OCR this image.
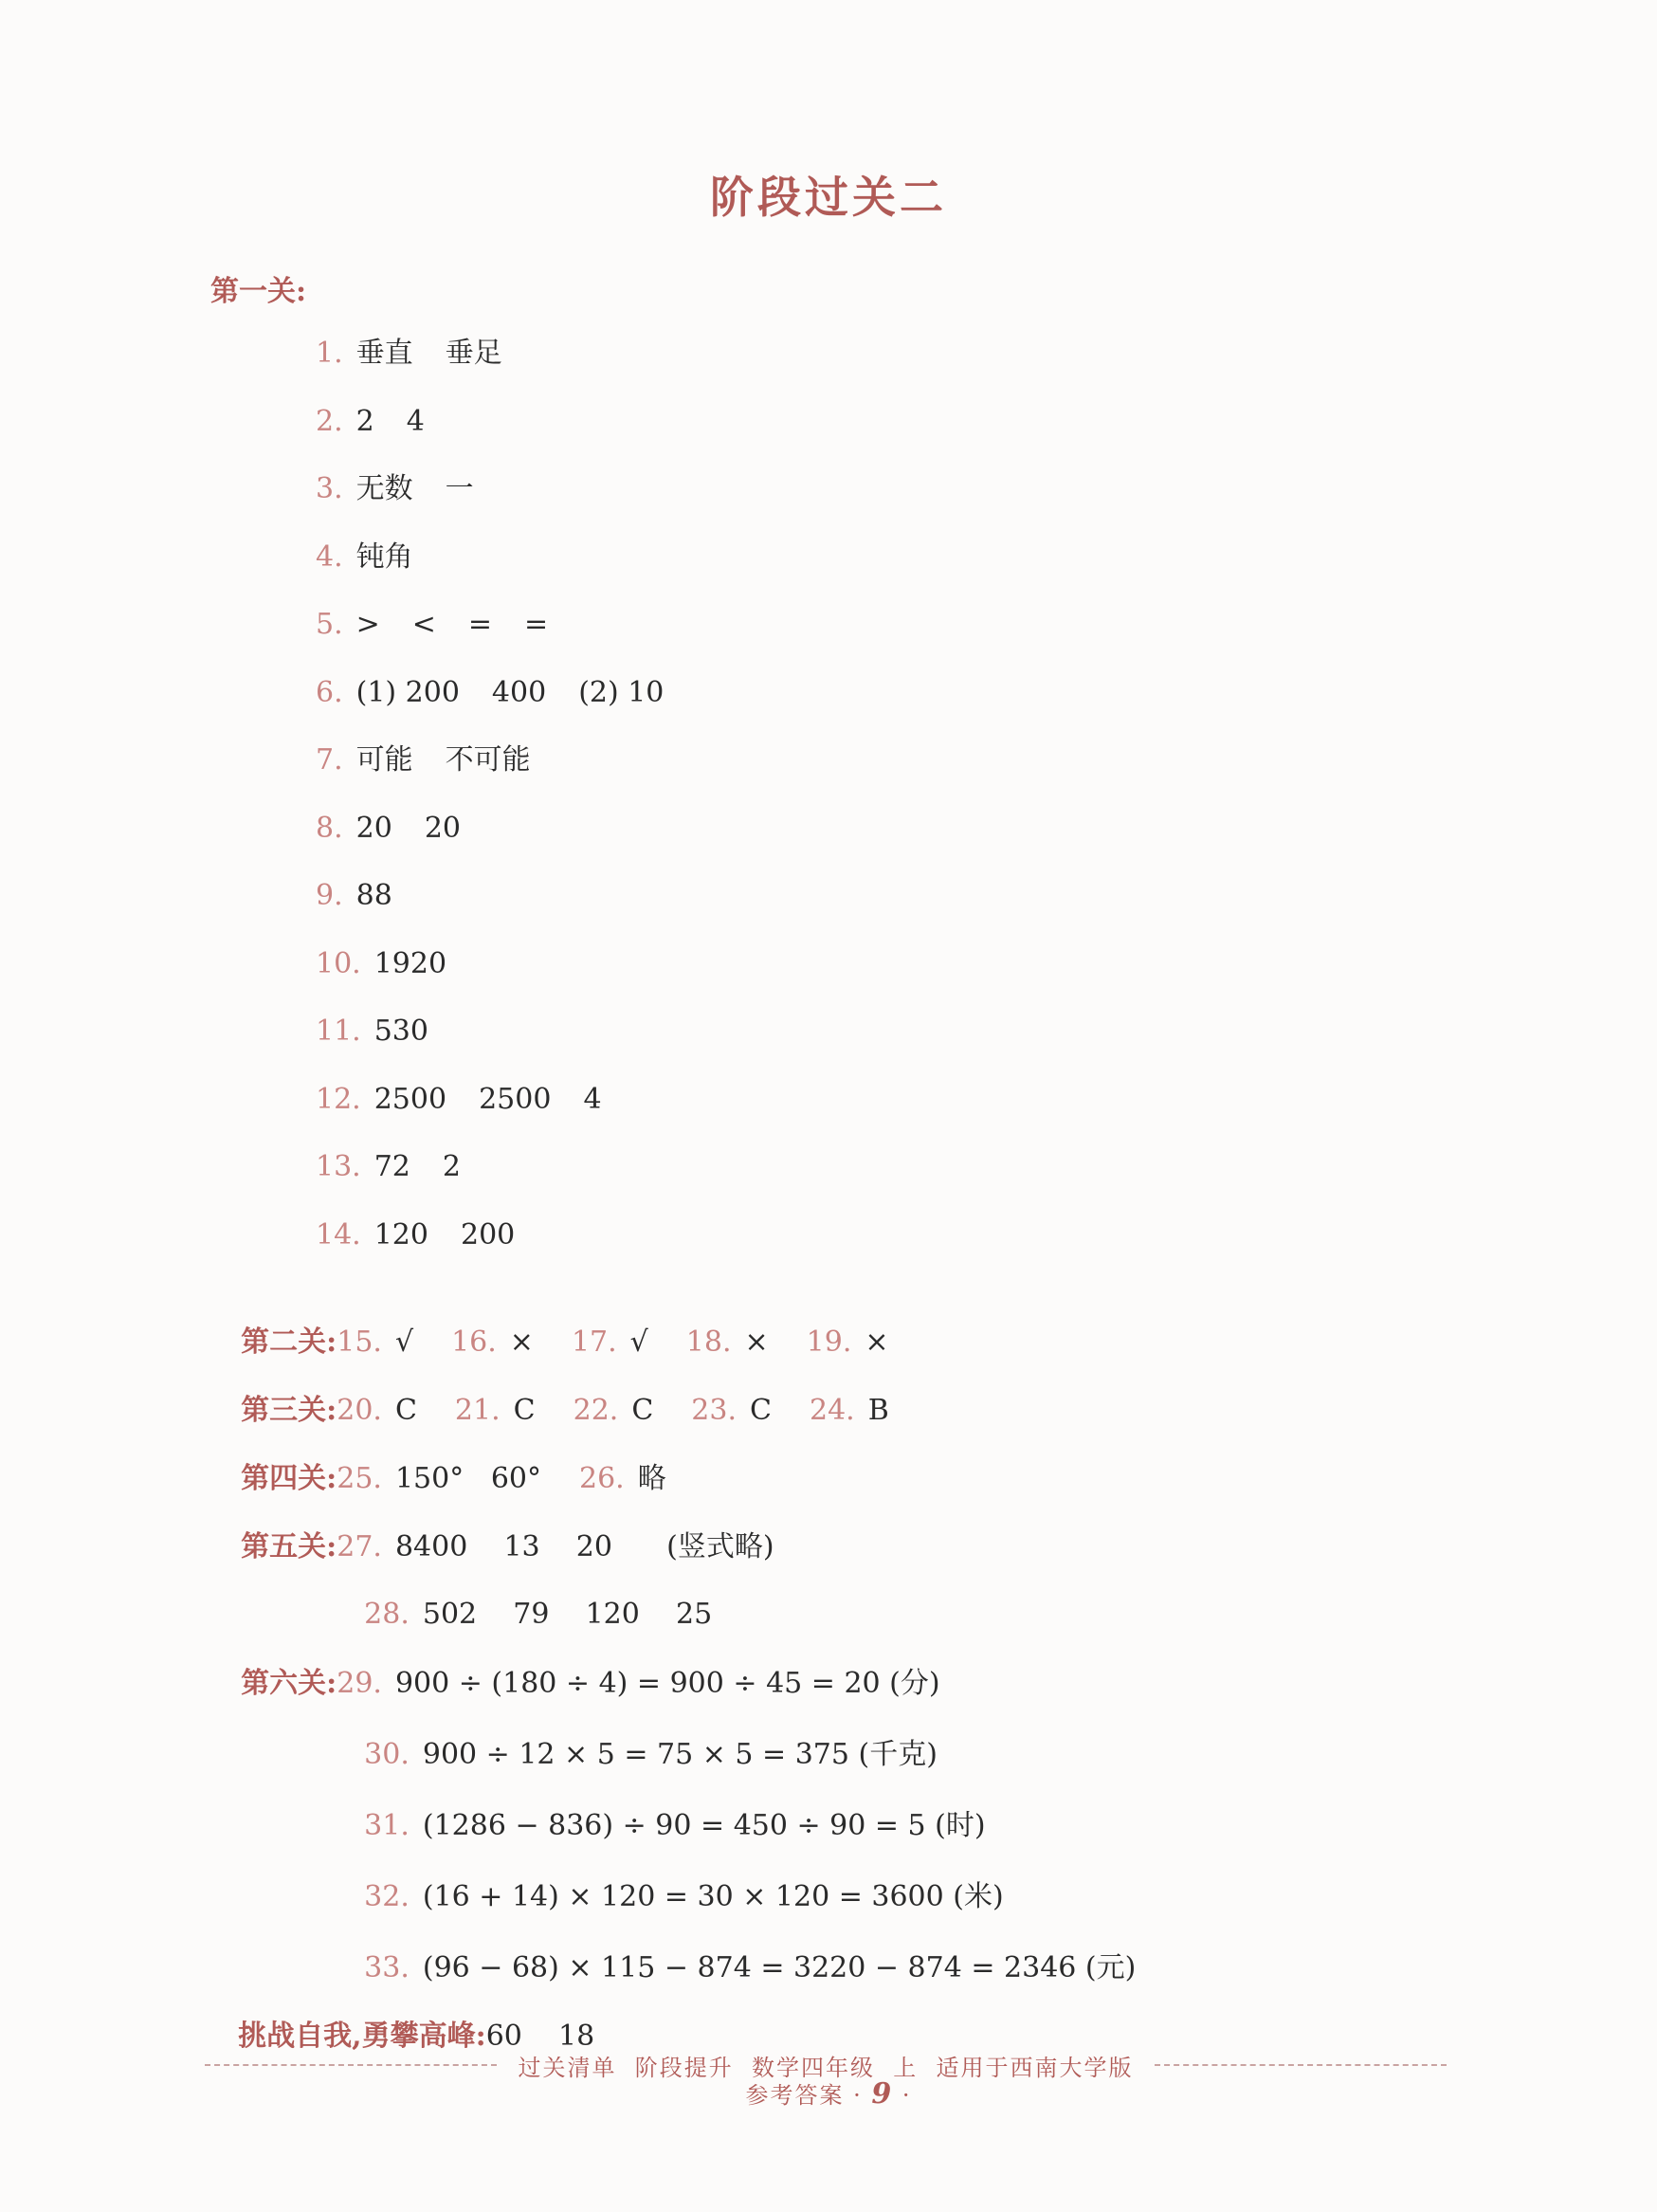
阶段过关二
第一关:
1. 垂直 垂足
2. 2 4
3. 无数 一
4. 钝角
5. > < = =
6. (1) 200 400 (2) 10
7. 可能 不可能
8. 20 20
9. 88
10. 1920
11. 530
12. 2500 2500 4
13. 72 2
14. 120 200

第二关:15. √ 16. × 17. √ 18. × 19. ×

第三关:20. C 21. C 22. C 23. C 24. B

第四关:25. 150°   60° 26. 略

第五关:27. 8400    13    20      (竖式略)

28. 502    79    120    25

第六关:29. 900 ÷ (180 ÷ 4) = 900 ÷ 45 = 20 (分)

30. 900 ÷ 12 × 5 = 75 × 5 = 375 (千克)

31. (1286 − 836) ÷ 90 = 450 ÷ 90 = 5 (时)

32. (16 + 14) × 120 = 30 × 120 = 3600 (米)

33. (96 − 68) × 115 − 874 = 3220 − 874 = 2346 (元)

挑战自我,勇攀高峰:60    18

过关清单  阶段提升  数学四年级  上  适用于西南大学版
参考答案 · 9 ·
